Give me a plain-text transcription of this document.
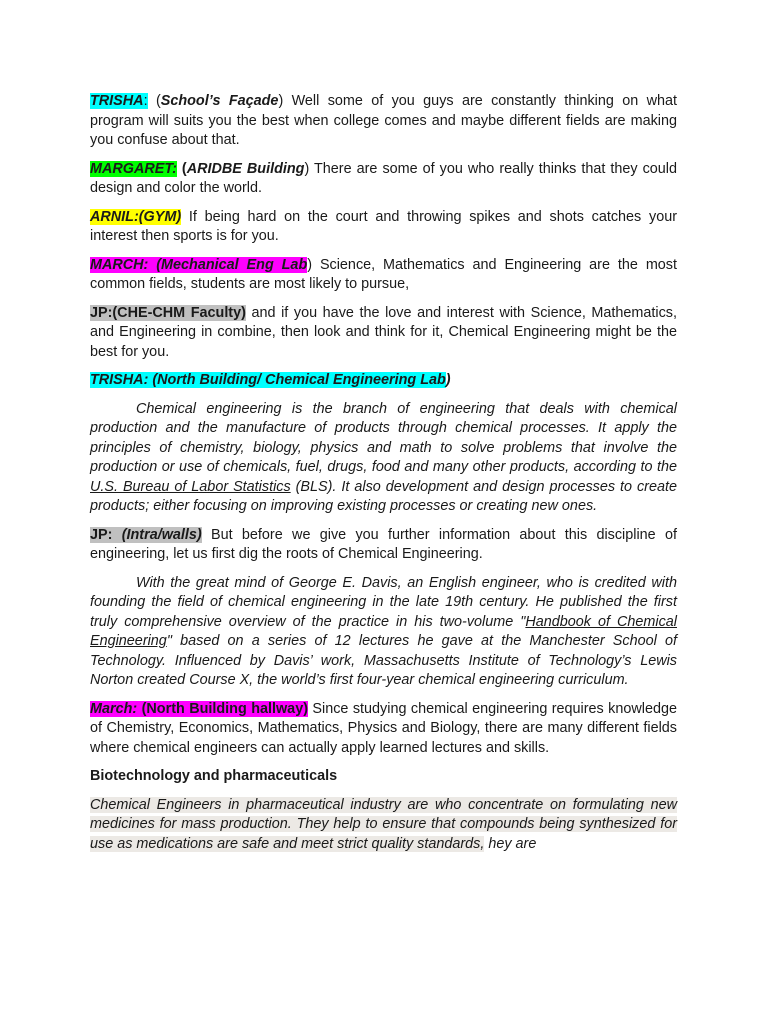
TRISHA: (School’s Façade) Well some of you guys are constantly thinking on what program will suits you the best when college comes and maybe different fields are making you confuse about that.

MARGARET: (ARIDBE Building) There are some of you who really thinks that they could design and color the world.

ARNIL:(GYM) If being hard on the court and throwing spikes and shots catches your interest then sports is for you.

MARCH: (Mechanical Eng Lab) Science, Mathematics and Engineering are the most common fields, students are most likely to pursue,

JP:(CHE-CHM Faculty) and if you have the love and interest with Science, Mathematics, and Engineering in combine, then look and think for it, Chemical Engineering might be the best for you.

TRISHA: (North Building/ Chemical Engineering Lab)

Chemical engineering is the branch of engineering that deals with chemical production and the manufacture of products through chemical processes. It apply the principles of chemistry, biology, physics and math to solve problems that involve the production or use of chemicals, fuel, drugs, food and many other products, according to the U.S. Bureau of Labor Statistics (BLS). It also development and design processes to create products; either focusing on improving existing processes or creating new ones.

JP: (Intra/walls) But before we give you further information about this discipline of engineering, let us first dig the roots of Chemical Engineering.

With the great mind of George E. Davis, an English engineer, who is credited with founding the field of chemical engineering in the late 19th century. He published the first truly comprehensive overview of the practice in his two-volume "Handbook of Chemical Engineering" based on a series of 12 lectures he gave at the Manchester School of Technology. Influenced by Davis’ work, Massachusetts Institute of Technology’s Lewis Norton created Course X, the world’s first four-year chemical engineering curriculum.

March: (North Building hallway) Since studying chemical engineering requires knowledge of Chemistry, Economics, Mathematics, Physics and Biology, there are many different fields where chemical engineers can actually apply learned lectures and skills.

Biotechnology and pharmaceuticals

Chemical Engineers in pharmaceutical industry are who concentrate on formulating new medicines for mass production. They help to ensure that compounds being synthesized for use as medications are safe and meet strict quality standards, hey are
